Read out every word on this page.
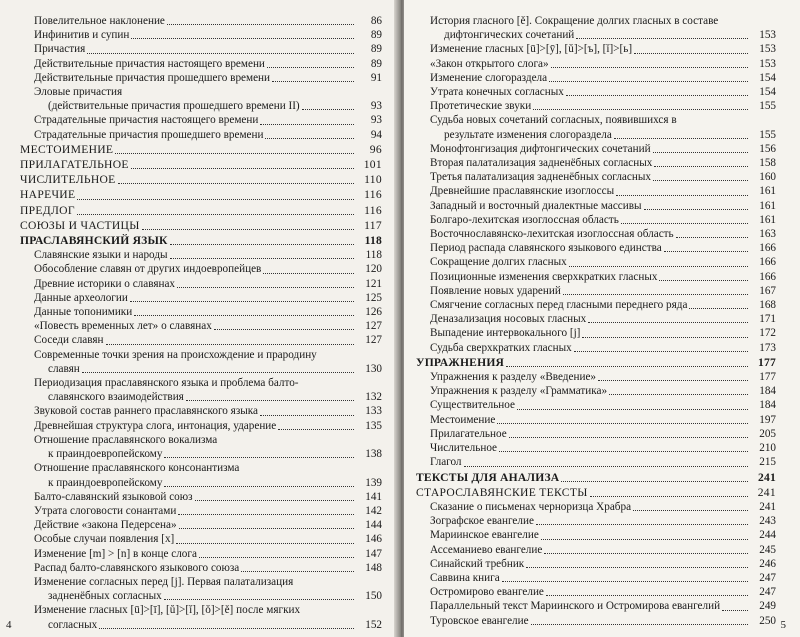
Повелительное наклонение	86
Инфинитив и супин	89
Причастия	89
Действительные причастия настоящего времени	89
Действительные причастия прошедшего времени	91
Эловые причастия
(действительные причастия прошедшего времени II)	93
Страдательные причастия настоящего времени	93
Страдательные причастия прошедшего времени	94
МЕСТОИМЕНИЕ	96
ПРИЛАГАТЕЛЬНОЕ	101
ЧИСЛИТЕЛЬНОЕ	110
НАРЕЧИЕ	116
ПРЕДЛОГ	116
СОЮЗЫ И ЧАСТИЦЫ	117
ПРАСЛАВЯНСКИЙ ЯЗЫК	118
Славянские языки и народы	118
Обособление славян от других индоевропейцев	120
Древние историки о славянах	121
Данные археологии	125
Данные топонимики	126
«Повесть временных лет» о славянах	127
Соседи славян	127
Современные точки зрения на происхождение и прародину
славян	130
Периодизация праславянского языка и проблема балто-
славянского взаимодействия	132
Звуковой состав раннего праславянского языка	133
Древнейшая структура слога, интонация, ударение	135
Отношение праславянского вокализма
к праиндоевропейскому	138
Отношение праславянского консонантизма
к праиндоевропейскому	139
Балто-славянский языковой союз	141
Утрата слоговости сонантами	142
Действие «закона Педерсена»	144
Особые случаи появления [х]	146
Изменение [m] > [n] в конце слога	147
Распад балто-славянского языкового союза	148
Изменение согласных перед [j]. Первая палатализация
задненёбных согласных	150
Изменение гласных [ū]>[ī], [ŭ]>[ĭ], [ŏ]>[ě] после мягких
согласных	152
4
История гласного [ě]. Сокращение долгих гласных в составе
дифтонгических сочетаний	153
Изменение гласных [ū]>[ȳ], [ŭ]>[ъ], [ĭ]>[ь]	153
«Закон открытого слога»	153
Изменение слогораздела	154
Утрата конечных согласных	154
Протетические звуки	155
Судьба новых сочетаний согласных, появившихся в
результате изменения слогораздела	155
Монофтонгизация дифтонгических сочетаний	156
Вторая палатализация задненёбных согласных	158
Третья палатализация задненёбных согласных	160
Древнейшие праславянские изоглоссы	161
Западный и восточный диалектные массивы	161
Болгаро-лехитская изоглоссная область	161
Восточнославянско-лехитская изоглоссная область	163
Период распада славянского языкового единства	166
Сокращение долгих гласных	166
Позиционные изменения сверхкратких гласных	166
Появление новых ударений	167
Смягчение согласных перед гласными переднего ряда	168
Деназализация носовых гласных	171
Выпадение интервокального [j]	172
Судьба сверхкратких гласных	173
УПРАЖНЕНИЯ	177
Упражнения к разделу «Введение»	177
Упражнения к разделу «Грамматика»	184
Существительное	184
Местоимение	197
Прилагательное	205
Числительное	210
Глагол	215
ТЕКСТЫ ДЛЯ АНАЛИЗА	241
СТАРОСЛАВЯНСКИЕ ТЕКСТЫ	241
Сказание о письменах черноризца Храбра	241
Зографское евангелие	243
Мариинское евангелие	244
Ассеманиево евангелие	245
Синайский требник	246
Саввина книга	247
Остромирово евангелие	247
Параллельный текст Мариинского и Остромирова евангелий	249
Туровское евангелие	250 5
